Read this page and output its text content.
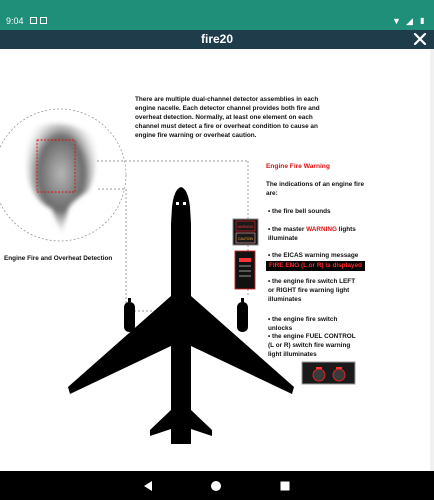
9:04	▼ ◢ ▮
fire20
WARNING
CAUTION
There are multiple dual-channel detector assemblies in each engine nacelle. Each detector channel provides both fire and overheat detection. Normally, at least one element on each channel must detect a fire or overheat condition to cause an engine fire warning or overheat caution.
Engine Fire and Overheat Detection
Engine Fire Warning
The indications of an engine fire are:
• the fire bell sounds
• the master WARNING lights illuminate
• the EICAS warning message
FIRE ENG (L or R) is displayed
• the engine fire switch LEFT or RIGHT fire warning light illuminates
• the engine fire switch unlocks
• the engine FUEL CONTROL (L or R) switch fire warning light illuminates
